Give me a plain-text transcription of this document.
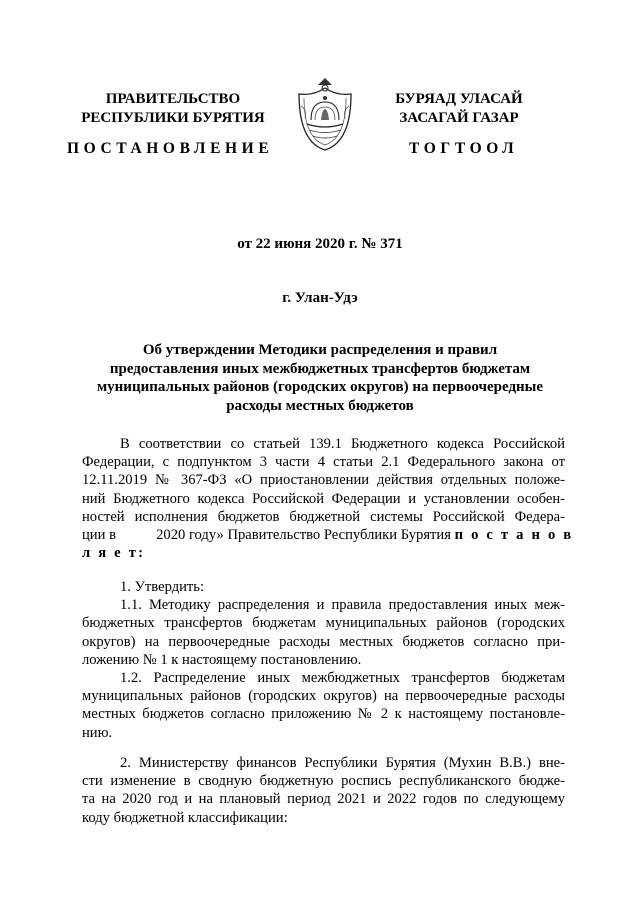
ПРАВИТЕЛЬСТВО
РЕСПУБЛИКИ БУРЯТИЯ
БУРЯАД УЛАСАЙ
ЗАСАГАЙ ГАЗАР
ПОСТАНОВЛЕНИЕ	ТОГТООЛ
от 22 июня 2020 г. № 371
г. Улан-Удэ
Об утверждении Методики распределения и правил
предоставления иных межбюджетных трансфертов бюджетам
муниципальных районов (городских округов) на первоочередные
расходы местных бюджетов
В соответствии со статьей 139.1 Бюджетного кодекса Российской
Федерации, с подпунктом 3 части 4 статьи 2.1 Федерального закона от
12.11.2019 № 367-ФЗ «О приостановлении действия отдельных положе-
ний Бюджетного кодекса Российской Федерации и установлении особен-
ностей исполнения бюджетов бюджетной системы Российской Федера-
ции в           2020 году» Правительство Республики Бурятия п о с т а н о в
л я е т:
1. Утвердить:
1.1. Методику распределения и правила предоставления иных меж-
бюджетных трансфертов бюджетам муниципальных районов (городских
округов) на первоочередные расходы местных бюджетов согласно при-
ложению № 1 к настоящему постановлению.
1.2. Распределение иных межбюджетных трансфертов бюджетам
муниципальных районов (городских округов) на первоочередные расходы
местных бюджетов согласно приложению № 2 к настоящему постановле-
нию.
2. Министерству финансов Республики Бурятия (Мухин В.В.) вне-
сти изменение в сводную бюджетную роспись республиканского бюдже-
та на 2020 год и на плановый период 2021 и 2022 годов по следующему
коду бюджетной классификации:
